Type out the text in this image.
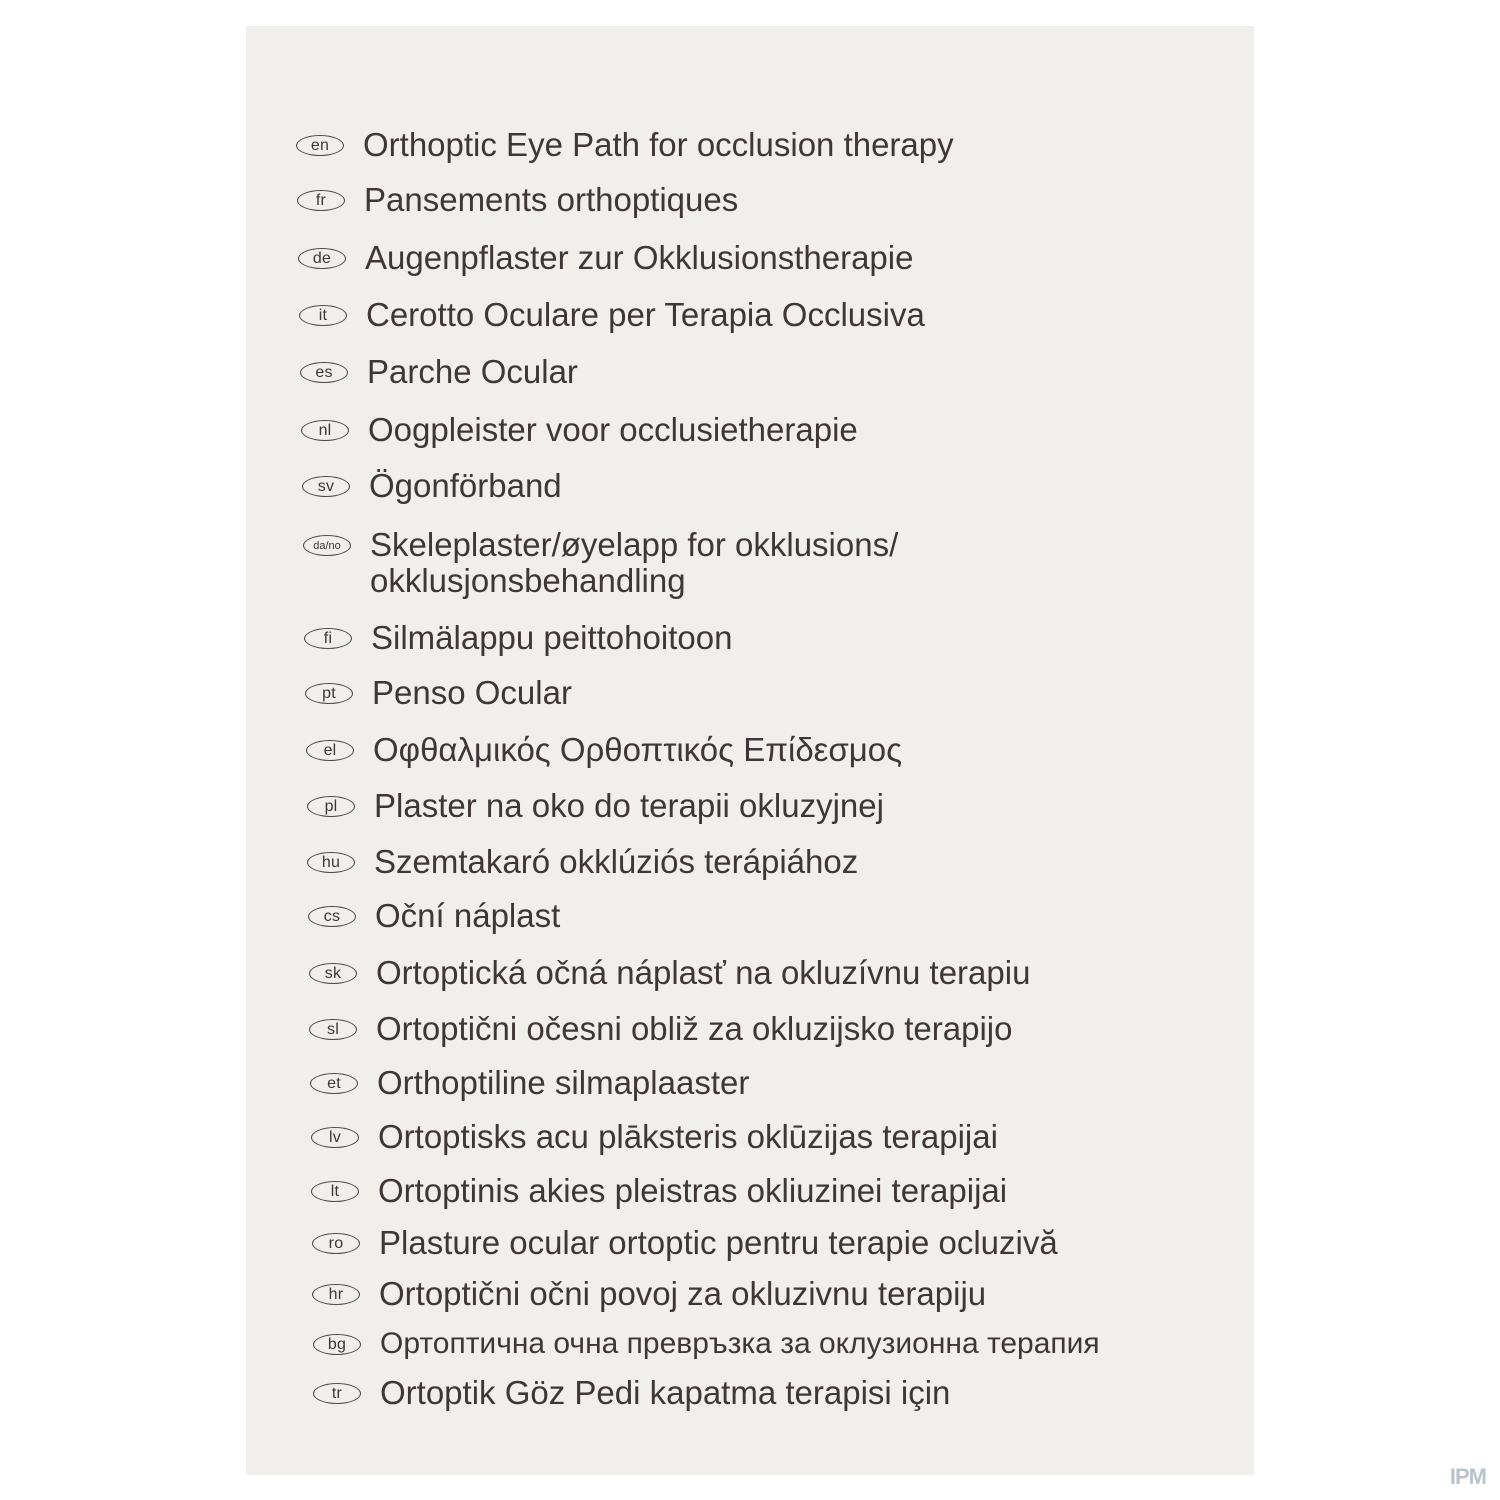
en	Orthoptic Eye Path for occlusion therapy
fr	Pansements orthoptiques
de	Augenpflaster zur Okklusionstherapie
it	Cerotto Oculare per Terapia Occlusiva
es	Parche Ocular
nl	Oogpleister voor occlusietherapie
sv	Ögonförband
da/no Skeleplaster/øyelapp for okklusions/
okklusjonsbehandling
fi	Silmälappu peittohoitoon
pt	Penso Ocular
el	Οφθαλμικός Ορθοπτικός Επίδεσμος
pl	Plaster na oko do terapii okluzyjnej
hu	Szemtakaró okklúziós terápiához
cs	Oční náplast
sk	Ortoptická očná náplasť na okluzívnu terapiu
sl	Ortoptični očesni obliž za okluzijsko terapijo
et	Orthoptiline silmaplaaster
lv	Ortoptisks acu plāksteris oklūzijas terapijai
lt	Ortoptinis akies pleistras okliuzinei terapijai
ro	Plasture ocular ortoptic pentru terapie ocluzivă
hr	Ortoptični očni povoj za okluzivnu terapiju
bg	Ортоптична очна превръзка за оклузионна терапия
tr	Ortoptik Göz Pedi kapatma terapisi için
IPM
